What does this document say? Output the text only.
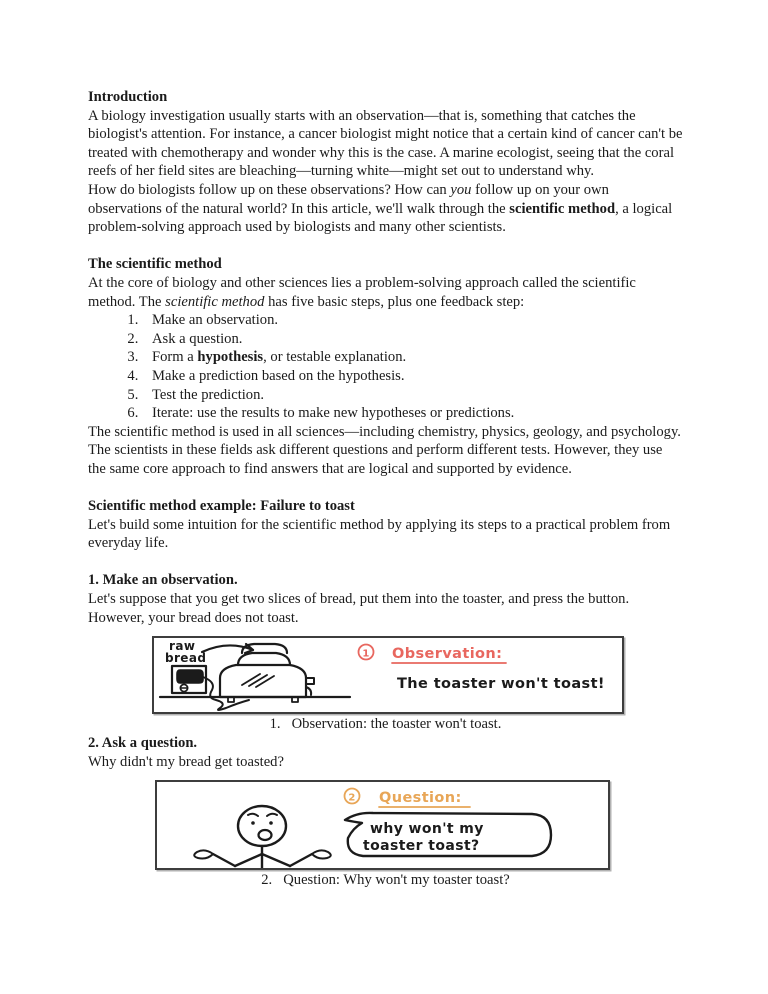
Introduction

A biology investigation usually starts with an observation—that is, something that catches the biologist's attention. For instance, a cancer biologist might notice that a certain kind of cancer can't be treated with chemotherapy and wonder why this is the case. A marine ecologist, seeing that the coral reefs of her field sites are bleaching—turning white—might set out to understand why.

How do biologists follow up on these observations? How can you follow up on your own observations of the natural world? In this article, we'll walk through the scientific method, a logical problem-solving approach used by biologists and many other scientists.

The scientific method

At the core of biology and other sciences lies a problem-solving approach called the scientific method. The scientific method has five basic steps, plus one feedback step:

1. Make an observation.
2. Ask a question.
3. Form a hypothesis, or testable explanation.
4. Make a prediction based on the hypothesis.
5. Test the prediction.
6. Iterate: use the results to make new hypotheses or predictions.

The scientific method is used in all sciences—including chemistry, physics, geology, and psychology. The scientists in these fields ask different questions and perform different tests. However, they use the same core approach to find answers that are logical and supported by evidence.

Scientific method example: Failure to toast

Let's build some intuition for the scientific method by applying its steps to a practical problem from everyday life.

1. Make an observation.

Let's suppose that you get two slices of bread, put them into the toaster, and press the button. However, your bread does not toast.

raw
bread	1 Observation:
The toaster won't toast!
1. Observation: the toaster won't toast.
2. Ask a question.

Why didn't my bread get toasted?

2 Question:
why won't my
toaster toast?
2. Question: Why won't my toaster toast?
